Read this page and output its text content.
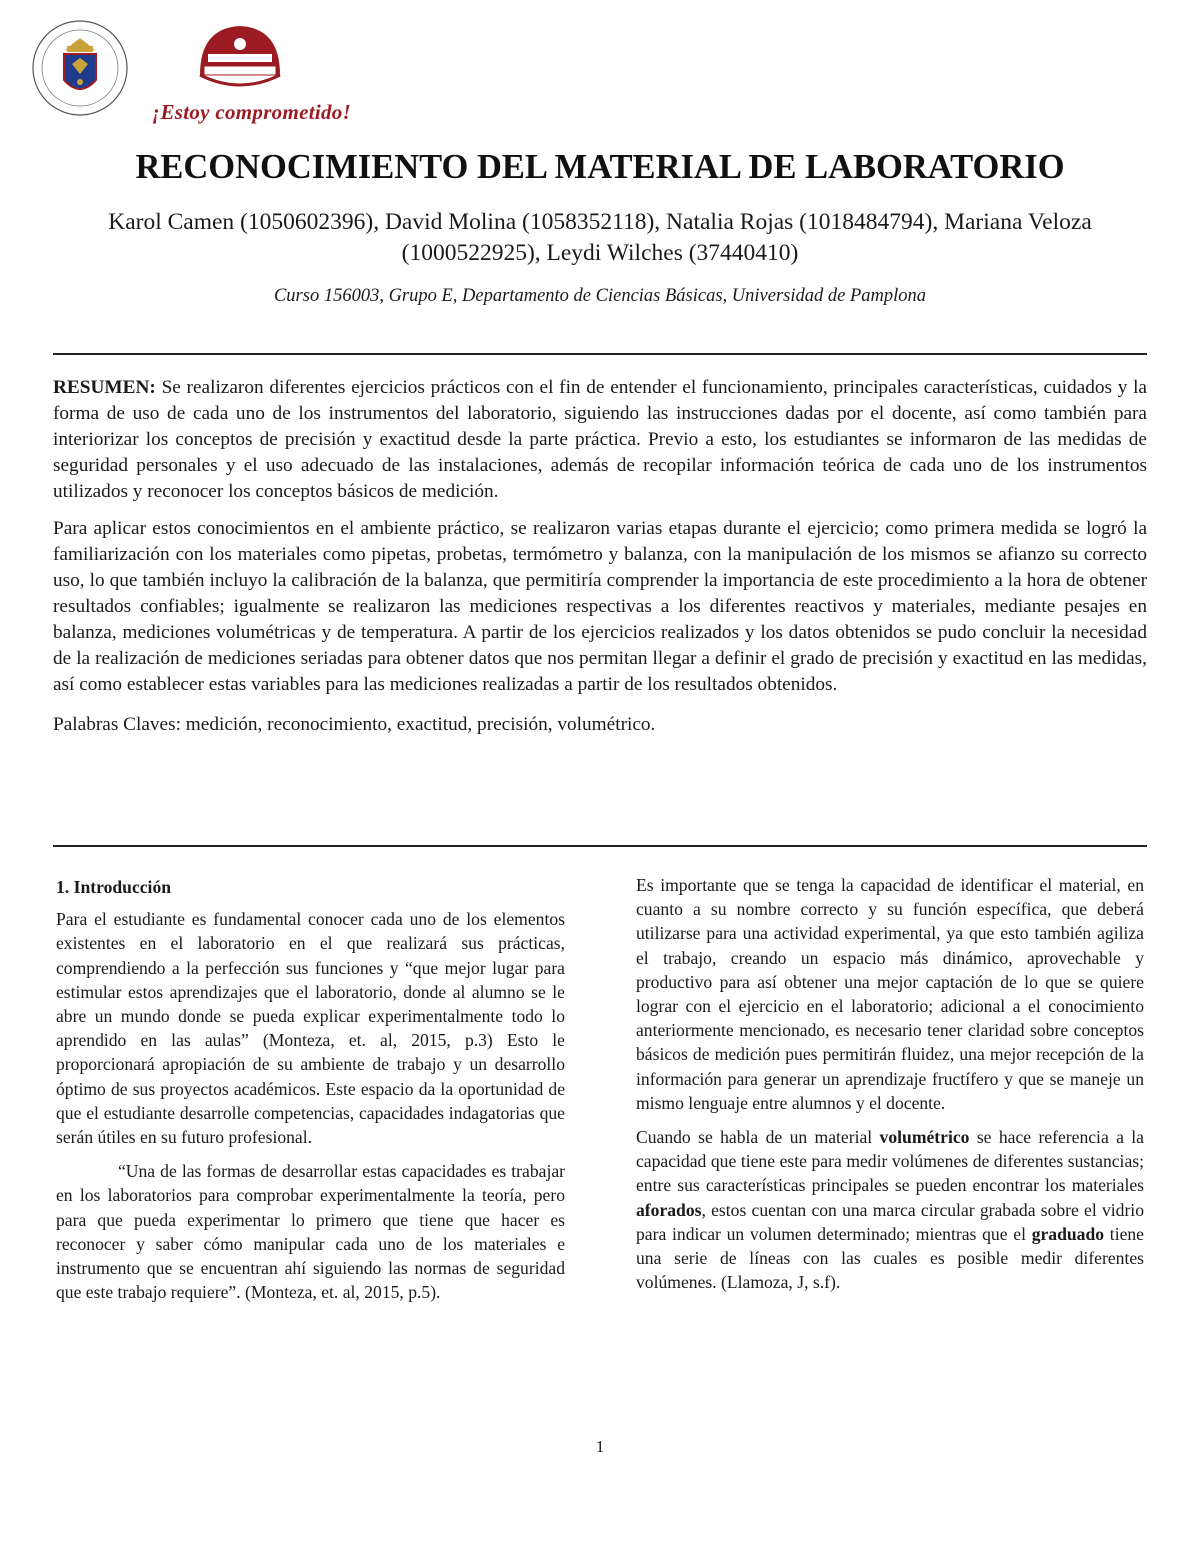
¡Estoy comprometido!
RECONOCIMIENTO DEL MATERIAL DE LABORATORIO

Karol Camen (1050602396), David Molina (1058352118), Natalia Rojas (1018484794), Mariana Veloza (1000522925), Leydi Wilches (37440410)

Curso 156003, Grupo E, Departamento de Ciencias Básicas, Universidad de Pamplona

RESUMEN: Se realizaron diferentes ejercicios prácticos con el fin de entender el funcionamiento, principales características, cuidados y la forma de uso de cada uno de los instrumentos del laboratorio, siguiendo las instrucciones dadas por el docente, así como también para interiorizar los conceptos de precisión y exactitud desde la parte práctica. Previo a esto, los estudiantes se informaron de las medidas de seguridad personales y el uso adecuado de las instalaciones, además de recopilar información teórica de cada uno de los instrumentos utilizados y reconocer los conceptos básicos de medición.

Para aplicar estos conocimientos en el ambiente práctico, se realizaron varias etapas durante el ejercicio; como primera medida se logró la familiarización con los materiales como pipetas, probetas, termómetro y balanza, con la manipulación de los mismos se afianzo su correcto uso, lo que también incluyo la calibración de la balanza, que permitiría comprender la importancia de este procedimiento a la hora de obtener resultados confiables; igualmente se realizaron las mediciones respectivas a los diferentes reactivos y materiales, mediante pesajes en balanza, mediciones volumétricas y de temperatura. A partir de los ejercicios realizados y los datos obtenidos se pudo concluir la necesidad de la realización de mediciones seriadas para obtener datos que nos permitan llegar a definir el grado de precisión y exactitud en las medidas, así como establecer estas variables para las mediciones realizadas a partir de los resultados obtenidos.

Palabras Claves: medición, reconocimiento, exactitud, precisión, volumétrico.

1. Introducción

Para el estudiante es fundamental conocer cada uno de los elementos existentes en el laboratorio en el que realizará sus prácticas, comprendiendo a la perfección sus funciones y “que mejor lugar para estimular estos aprendizajes que el laboratorio, donde al alumno se le abre un mundo donde se pueda explicar experimentalmente todo lo aprendido en las aulas” (Monteza, et. al, 2015, p.3) Esto le proporcionará apropiación de su ambiente de trabajo y un desarrollo óptimo de sus proyectos académicos. Este espacio da la oportunidad de que el estudiante desarrolle competencias, capacidades indagatorias que serán útiles en su futuro profesional.

“Una de las formas de desarrollar estas capacidades es trabajar en los laboratorios para comprobar experimentalmente la teoría, pero para que pueda experimentar lo primero que tiene que hacer es reconocer y saber cómo manipular cada uno de los materiales e instrumento que se encuentran ahí siguiendo las normas de seguridad que este trabajo requiere”. (Monteza, et. al, 2015, p.5).

Es importante que se tenga la capacidad de identificar el material, en cuanto a su nombre correcto y su función específica, que deberá utilizarse para una actividad experimental, ya que esto también agiliza el trabajo, creando un espacio más dinámico, aprovechable y productivo para así obtener una mejor captación de lo que se quiere lograr con el ejercicio en el laboratorio; adicional a el conocimiento anteriormente mencionado, es necesario tener claridad sobre conceptos básicos de medición pues permitirán fluidez, una mejor recepción de la información para generar un aprendizaje fructífero y que se maneje un mismo lenguaje entre alumnos y el docente.

Cuando se habla de un material volumétrico se hace referencia a la capacidad que tiene este para medir volúmenes de diferentes sustancias; entre sus características principales se pueden encontrar los materiales aforados, estos cuentan con una marca circular grabada sobre el vidrio para indicar un volumen determinado; mientras que el graduado tiene una serie de líneas con las cuales es posible medir diferentes volúmenes. (Llamoza, J, s.f).

1
